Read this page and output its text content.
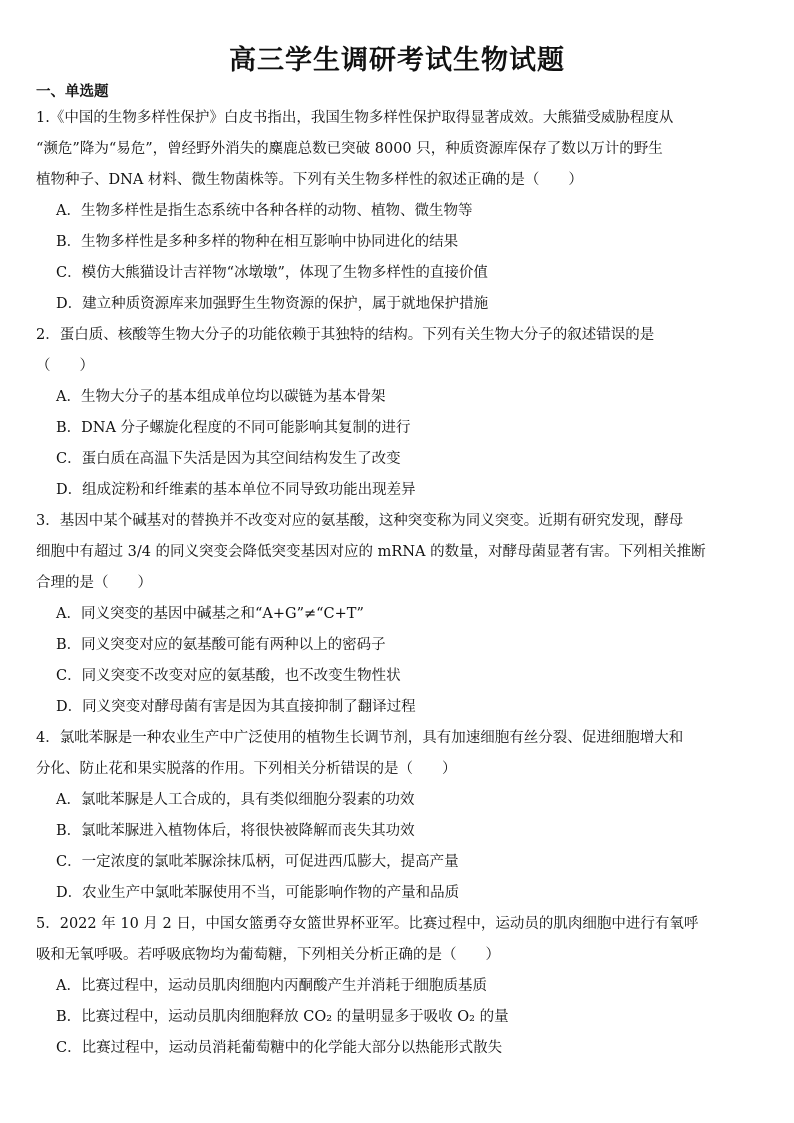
高三学生调研考试生物试题
一、单选题
1.《中国的生物多样性保护》白皮书指出，我国生物多样性保护取得显著成效。大熊猫受威胁程度从
“濒危”降为“易危”，曾经野外消失的麋鹿总数已突破 8000 只，种质资源库保存了数以万计的野生
植物种子、DNA 材料、微生物菌株等。下列有关生物多样性的叙述正确的是（　　）
A．生物多样性是指生态系统中各种各样的动物、植物、微生物等
B．生物多样性是多种多样的物种在相互影响中协同进化的结果
C．模仿大熊猫设计吉祥物“冰墩墩”，体现了生物多样性的直接价值
D．建立种质资源库来加强野生生物资源的保护，属于就地保护措施
2．蛋白质、核酸等生物大分子的功能依赖于其独特的结构。下列有关生物大分子的叙述错误的是
（　　）
A．生物大分子的基本组成单位均以碳链为基本骨架
B．DNA 分子螺旋化程度的不同可能影响其复制的进行
C．蛋白质在高温下失活是因为其空间结构发生了改变
D．组成淀粉和纤维素的基本单位不同导致功能出现差异
3．基因中某个碱基对的替换并不改变对应的氨基酸，这种突变称为同义突变。近期有研究发现，酵母
细胞中有超过 3/4 的同义突变会降低突变基因对应的 mRNA 的数量，对酵母菌显著有害。下列相关推断
合理的是（　　）
A．同义突变的基因中碱基之和“A+G”≠“C+T”
B．同义突变对应的氨基酸可能有两种以上的密码子
C．同义突变不改变对应的氨基酸，也不改变生物性状
D．同义突变对酵母菌有害是因为其直接抑制了翻译过程
4．氯吡苯脲是一种农业生产中广泛使用的植物生长调节剂，具有加速细胞有丝分裂、促进细胞增大和
分化、防止花和果实脱落的作用。下列相关分析错误的是（　　）
A．氯吡苯脲是人工合成的，具有类似细胞分裂素的功效
B．氯吡苯脲进入植物体后，将很快被降解而丧失其功效
C．一定浓度的氯吡苯脲涂抹瓜柄，可促进西瓜膨大，提高产量
D．农业生产中氯吡苯脲使用不当，可能影响作物的产量和品质
5．2022 年 10 月 2 日，中国女篮勇夺女篮世界杯亚军。比赛过程中，运动员的肌肉细胞中进行有氧呼
吸和无氧呼吸。若呼吸底物均为葡萄糖，下列相关分析正确的是（　　）
A．比赛过程中，运动员肌肉细胞内丙酮酸产生并消耗于细胞质基质
B．比赛过程中，运动员肌肉细胞释放 CO₂ 的量明显多于吸收 O₂ 的量
C．比赛过程中，运动员消耗葡萄糖中的化学能大部分以热能形式散失
